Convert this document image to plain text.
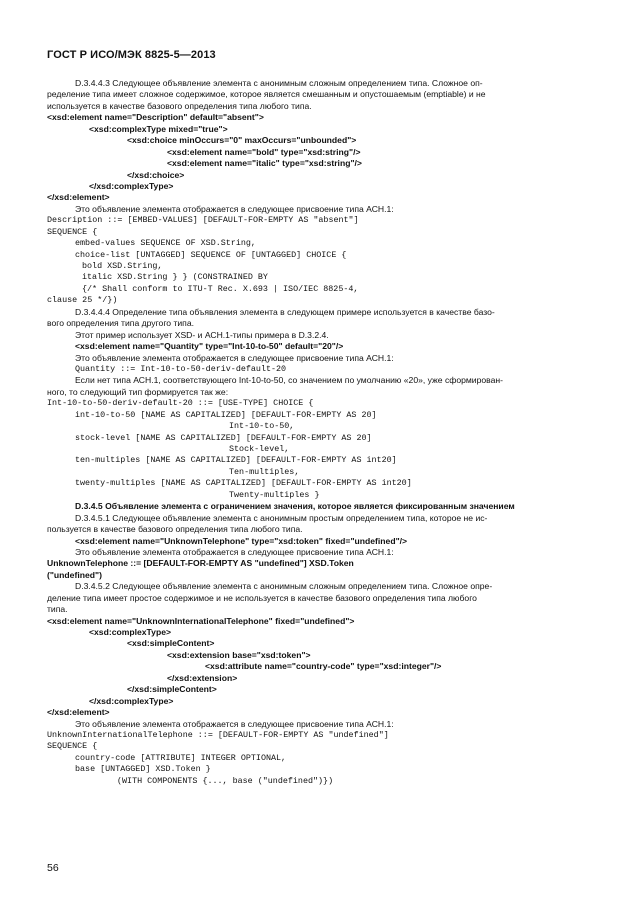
ГОСТ Р ИСО/МЭК 8825-5—2013
D.3.4.4.3 Следующее объявление элемента с анонимным сложным определением типа. Сложное оп-
ределение типа имеет сложное содержимое, которое является смешанным и опустошаемым (emptiable) и не
используется в качестве базового определения типа любого типа.
<xsd:element name="Description" default="absent">
<xsd:complexType mixed="true">
<xsd:choice minOccurs="0" maxOccurs="unbounded">
<xsd:element name="bold" type="xsd:string"/>
<xsd:element name="italic" type="xsd:string"/>
</xsd:choice>
</xsd:complexType>
</xsd:element>
Это объявление элемента отображается в следующее присвоение типа АСН.1:
Description ::= [EMBED-VALUES] [DEFAULT-FOR-EMPTY AS "absent"]
SEQUENCE {
embed-values SEQUENCE OF XSD.String,
choice-list [UNTAGGED] SEQUENCE OF [UNTAGGED] CHOICE {
bold XSD.String,
italic XSD.String } } (CONSTRAINED BY
{/* Shall conform to ITU-T Rec. X.693 | ISO/IEC 8825-4,
clause 25 */})
D.3.4.4.4 Определение типа объявления элемента в следующем примере используется в качестве базо-
вого определения типа другого типа.
Этот пример использует XSD- и АСН.1-типы примера в D.3.2.4.
<xsd:element name="Quantity" type="Int-10-to-50" default="20"/>
Это объявление элемента отображается в следующее присвоение типа АСН.1:
Quantity ::= Int-10-to-50-deriv-default-20
Если нет типа АСН.1, соответствующего Int-10-to-50, со значением по умолчанию «20», уже сформирован-
ного, то следующий тип формируется так же:
Int-10-to-50-deriv-default-20 ::= [USE-TYPE] CHOICE {
int-10-to-50 [NAME AS CAPITALIZED] [DEFAULT-FOR-EMPTY AS 20]
Int-10-to-50,
stock-level [NAME AS CAPITALIZED] [DEFAULT-FOR-EMPTY AS 20]
Stock-level,
ten-multiples [NAME AS CAPITALIZED] [DEFAULT-FOR-EMPTY AS int20]
Ten-multiples,
twenty-multiples [NAME AS CAPITALIZED] [DEFAULT-FOR-EMPTY AS int20]
Twenty-multiples }
D.3.4.5 Объявление элемента с ограничением значения, которое является фиксированным значением
D.3.4.5.1 Следующее объявление элемента с анонимным простым определением типа, которое не ис-
пользуется в качестве базового определения типа любого типа.
<xsd:element name="UnknownTelephone" type="xsd:token" fixed="undefined"/>
Это объявление элемента отображается в следующее присвоение типа АСН.1:
UnknownTelephone ::= [DEFAULT-FOR-EMPTY AS "undefined"] XSD.Token
("undefined")
D.3.4.5.2 Следующее объявление элемента с анонимным сложным определением типа. Сложное опре-
деление типа имеет простое содержимое и не используется в качестве базового определения типа любого
типа.
<xsd:element name="UnknownInternationalTelephone" fixed="undefined">
<xsd:complexType>
<xsd:simpleContent>
<xsd:extension base="xsd:token">
<xsd:attribute name="country-code" type="xsd:integer"/>
</xsd:extension>
</xsd:simpleContent>
</xsd:complexType>
</xsd:element>
Это объявление элемента отображается в следующее присвоение типа АСН.1:
UnknownInternationalTelephone ::= [DEFAULT-FOR-EMPTY AS "undefined"]
SEQUENCE {
country-code [ATTRIBUTE] INTEGER OPTIONAL,
base [UNTAGGED] XSD.Token }
(WITH COMPONENTS {..., base ("undefined")})
56
